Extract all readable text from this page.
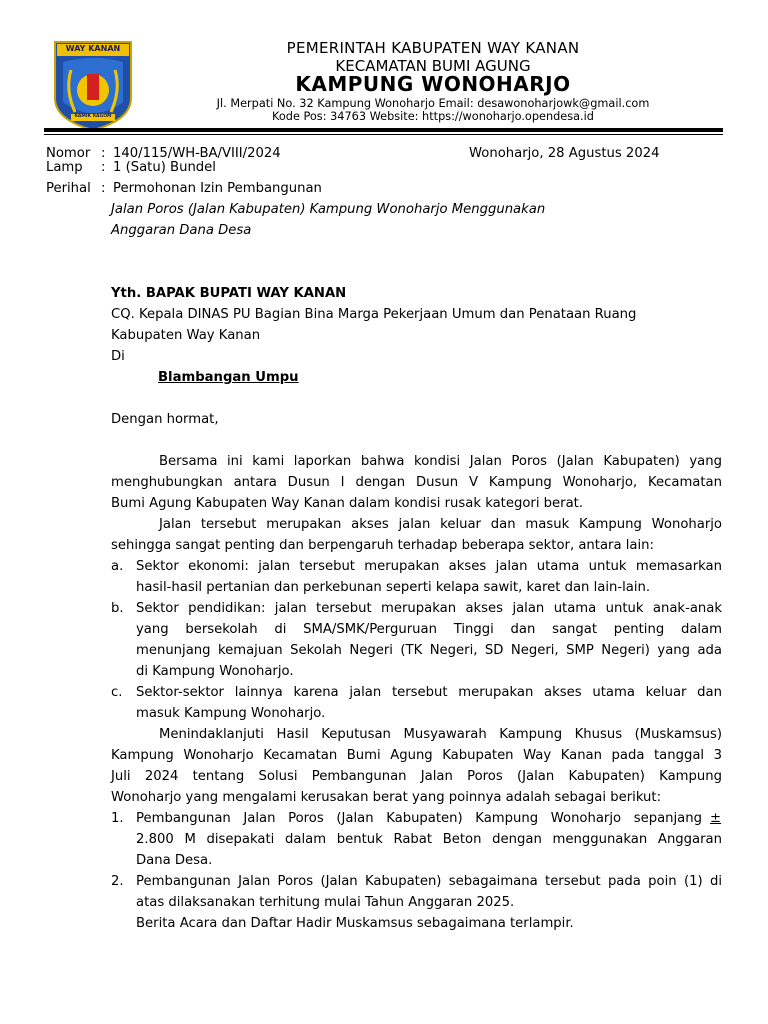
WAY KANAN
RAMIK RAGOM
PEMERINTAH KABUPATEN WAY KANAN
KECAMATAN BUMI AGUNG
KAMPUNG WONOHARJO
Jl. Merpati No. 32 Kampung Wonoharjo Email: desawonoharjowk@gmail.com
Kode Pos: 34763 Website: https://wonoharjo.opendesa.id
Nomor : 140/115/WH-BA/VIII/2024	Wonoharjo, 28 Agustus 2024
Lamp : 1 (Satu) Bundel
Perihal : Permohonan Izin Pembangunan
Jalan Poros (Jalan Kabupaten) Kampung Wonoharjo Menggunakan
Anggaran Dana Desa
Yth. BAPAK BUPATI WAY KANAN
CQ. Kepala DINAS PU Bagian Bina Marga Pekerjaan Umum dan Penataan Ruang
Kabupaten Way Kanan
Di
Blambangan Umpu
Dengan hormat,
Bersama ini kami laporkan bahwa kondisi Jalan Poros (Jalan Kabupaten) yang
menghubungkan antara Dusun I dengan Dusun V Kampung Wonoharjo, Kecamatan
Bumi Agung Kabupaten Way Kanan dalam kondisi rusak kategori berat.
Jalan tersebut merupakan akses jalan keluar dan masuk Kampung Wonoharjo
sehingga sangat penting dan berpengaruh terhadap beberapa sektor, antara lain:
a. Sektor ekonomi: jalan tersebut merupakan akses jalan utama untuk memasarkan
hasil-hasil pertanian dan perkebunan seperti kelapa sawit, karet dan lain-lain.
b. Sektor pendidikan: jalan tersebut merupakan akses jalan utama untuk anak-anak
yang bersekolah di SMA/SMK/Perguruan Tinggi dan sangat penting dalam
menunjang kemajuan Sekolah Negeri (TK Negeri, SD Negeri, SMP Negeri) yang ada
di Kampung Wonoharjo.
c. Sektor-sektor lainnya karena jalan tersebut merupakan akses utama keluar dan
masuk Kampung Wonoharjo.
Menindaklanjuti Hasil Keputusan Musyawarah Kampung Khusus (Muskamsus)
Kampung Wonoharjo Kecamatan Bumi Agung Kabupaten Way Kanan pada tanggal 3
Juli 2024 tentang Solusi Pembangunan Jalan Poros (Jalan Kabupaten) Kampung
Wonoharjo yang mengalami kerusakan berat yang poinnya adalah sebagai berikut:
1. Pembangunan Jalan Poros (Jalan Kabupaten) Kampung Wonoharjo sepanjang ±
2.800 M disepakati dalam bentuk Rabat Beton dengan menggunakan Anggaran
Dana Desa.
2. Pembangunan Jalan Poros (Jalan Kabupaten) sebagaimana tersebut pada poin (1) di
atas dilaksanakan terhitung mulai Tahun Anggaran 2025.
Berita Acara dan Daftar Hadir Muskamsus sebagaimana terlampir.
